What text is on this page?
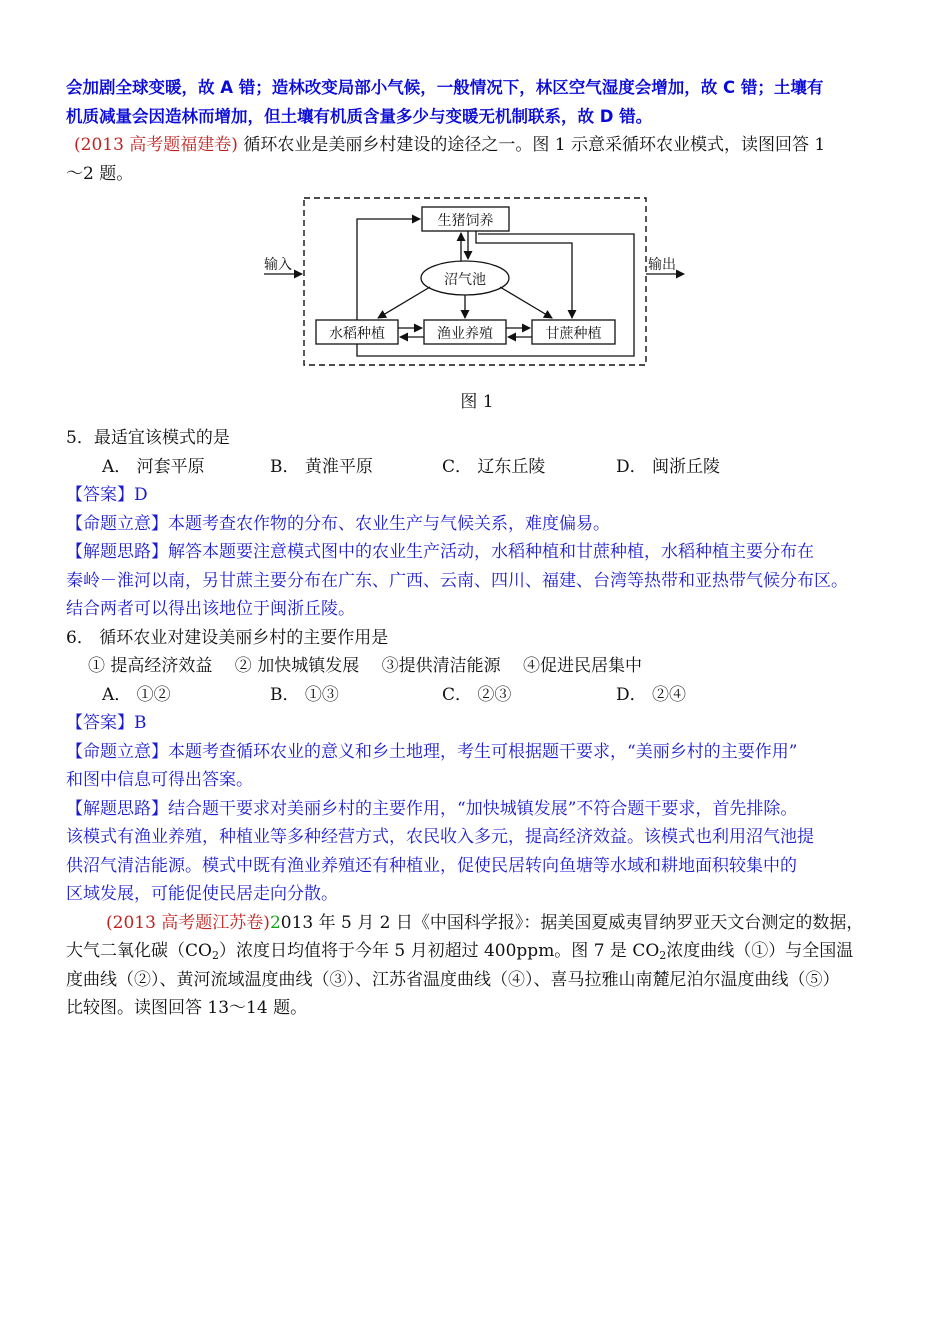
会加剧全球变暖，故 A 错；造林改变局部小气候，一般情况下，林区空气湿度会增加，故 C 错；土壤有
机质减量会因造林而增加，但土壤有机质含量多少与变暖无机制联系，故 D 错。
(2013 高考题福建卷) 循环农业是美丽乡村建设的途径之一。图 1 示意采循环农业模式，读图回答 1
～2 题。
输入	输出
生猪饲养
沼气池
水稻种植	渔业养殖	甘蔗种植
图 1
5．最适宜该模式的是
A． 河套平原	B． 黄淮平原	C． 辽东丘陵	D． 闽浙丘陵
【答案】D
【命题立意】本题考查农作物的分布、农业生产与气候关系，难度偏易。
【解题思路】解答本题要注意模式图中的农业生产活动，水稻种植和甘蔗种植，水稻种植主要分布在
秦岭－淮河以南，另甘蔗主要分布在广东、广西、云南、四川、福建、台湾等热带和亚热带气候分布区。
结合两者可以得出该地位于闽浙丘陵。
6． 循环农业对建设美丽乡村的主要作用是
① 提高经济效益 　② 加快城镇发展 　③提供清洁能源 　④促进民居集中
A． ①②	B． ①③	C． ②③	D． ②④
【答案】B
【命题立意】本题考查循环农业的意义和乡土地理，考生可根据题干要求，“美丽乡村的主要作用”
和图中信息可得出答案。
【解题思路】结合题干要求对美丽乡村的主要作用，“加快城镇发展”不符合题干要求，首先排除。
该模式有渔业养殖，种植业等多种经营方式，农民收入多元，提高经济效益。该模式也利用沼气池提
供沼气清洁能源。模式中既有渔业养殖还有种植业，促使民居转向鱼塘等水域和耕地面积较集中的
区域发展，可能促使民居走向分散。
(2013 高考题江苏卷)2013 年 5 月 2 日《中国科学报》：据美国夏威夷冒纳罗亚天文台测定的数据，
大气二氧化碳$(CO_2)$浓度日均值将于今年 5 月初超过 400ppm。图 7 是 $CO_2$浓度曲线（①）与全国温
度曲线（②）、黄河流域温度曲线（③）、江苏省温度曲线（④）、喜马拉雅山南麓尼泊尔温度曲线（⑤）
比较图。读图回答 13～14 题。
